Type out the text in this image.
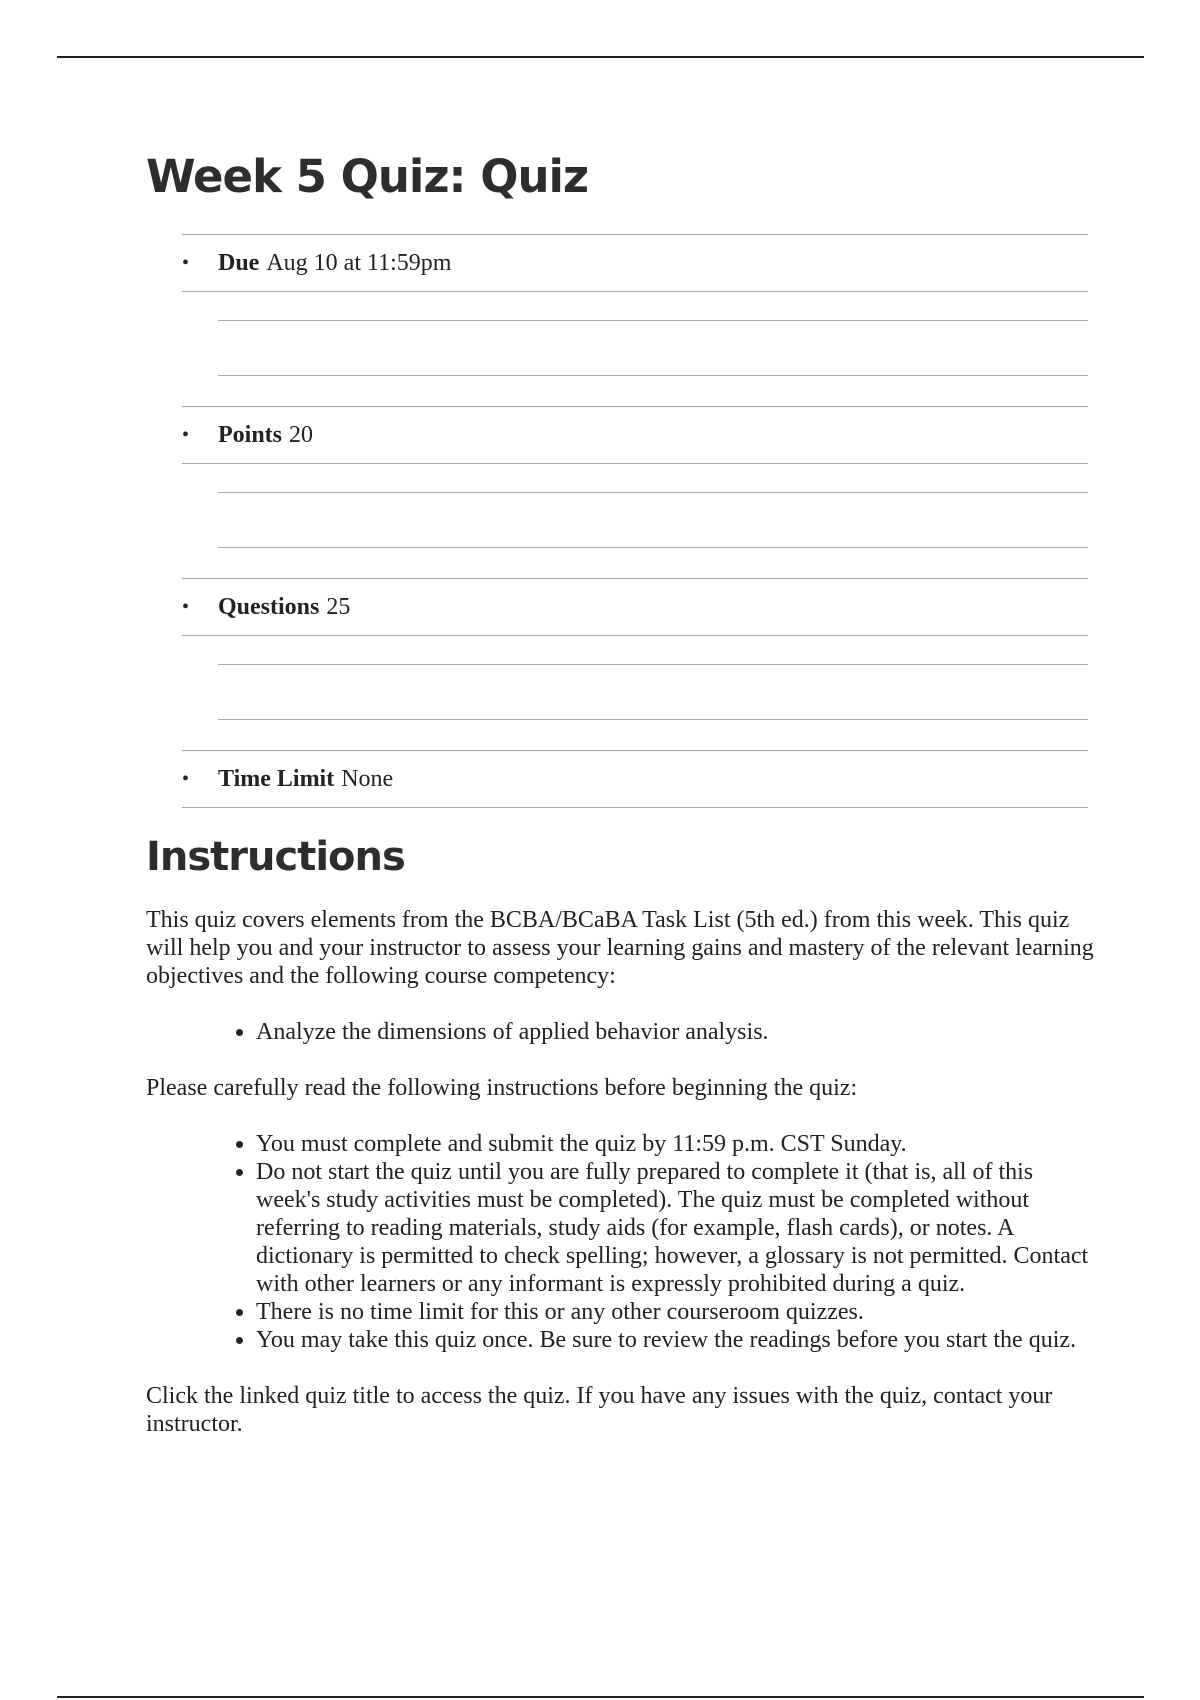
Week 5 Quiz: Quiz
•	Due Aug 10 at 11:59pm
•	Points 20
•	Questions 25
•	Time Limit None
Instructions

This quiz covers elements from the BCBA/BCaBA Task List (5th ed.) from this week. This quiz will help you and your instructor to assess your learning gains and mastery of the relevant learning objectives and the following course competency:

• Analyze the dimensions of applied behavior analysis.

Please carefully read the following instructions before beginning the quiz:

• You must complete and submit the quiz by 11:59 p.m. CST Sunday.
• Do not start the quiz until you are fully prepared to complete it (that is, all of this week's study activities must be completed). The quiz must be completed without referring to reading materials, study aids (for example, flash cards), or notes. A dictionary is permitted to check spelling; however, a glossary is not permitted. Contact with other learners or any informant is expressly prohibited during a quiz.
• There is no time limit for this or any other courseroom quizzes.
• You may take this quiz once. Be sure to review the readings before you start the quiz.

Click the linked quiz title to access the quiz. If you have any issues with the quiz, contact your instructor.
